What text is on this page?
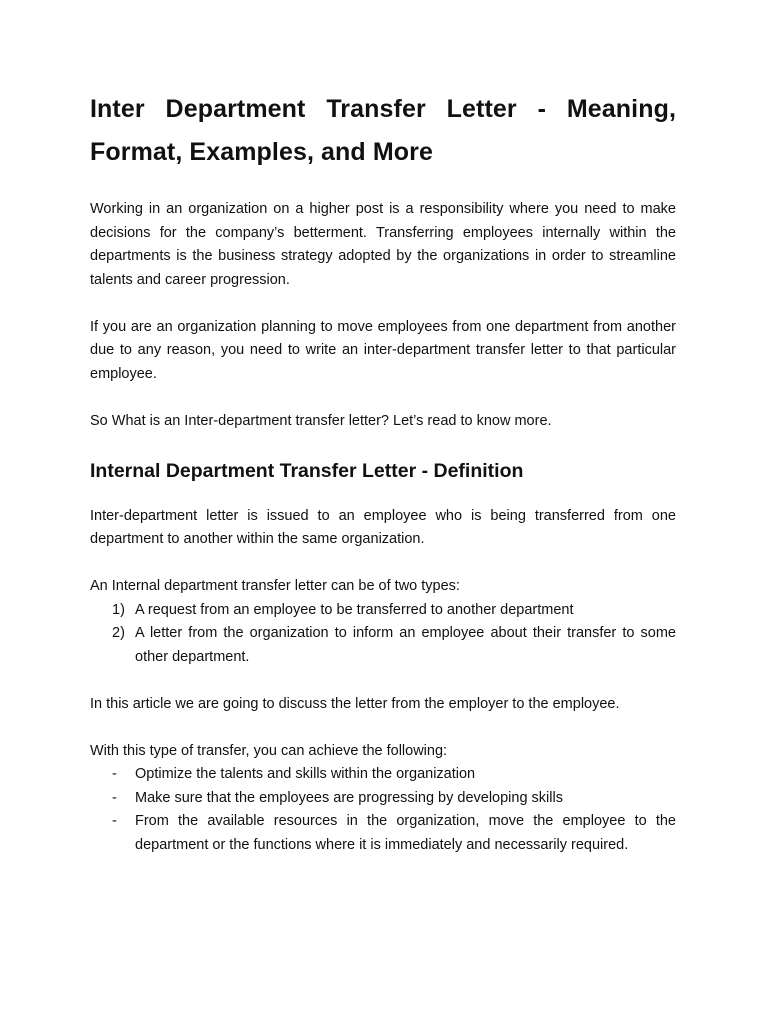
Inter Department Transfer Letter - Meaning, Format, Examples, and More

Working in an organization on a higher post is a responsibility where you need to make decisions for the company’s betterment. Transferring employees internally within the departments is the business strategy adopted by the organizations in order to streamline talents and career progression.

If you are an organization planning to move employees from one department from another due to any reason, you need to write an inter-department transfer letter to that particular employee.

So What is an Inter-department transfer letter? Let’s read to know more.

Internal Department Transfer Letter - Definition

Inter-department letter is issued to an employee who is being transferred from one department to another within the same organization.

An Internal department transfer letter can be of two types:

1) A request from an employee to be transferred to another department
2) A letter from the organization to inform an employee about their transfer to some other department.

In this article we are going to discuss the letter from the employer to the employee.

With this type of transfer, you can achieve the following:

- Optimize the talents and skills within the organization
- Make sure that the employees are progressing by developing skills
- From the available resources in the organization, move the employee to the department or the functions where it is immediately and necessarily required.
